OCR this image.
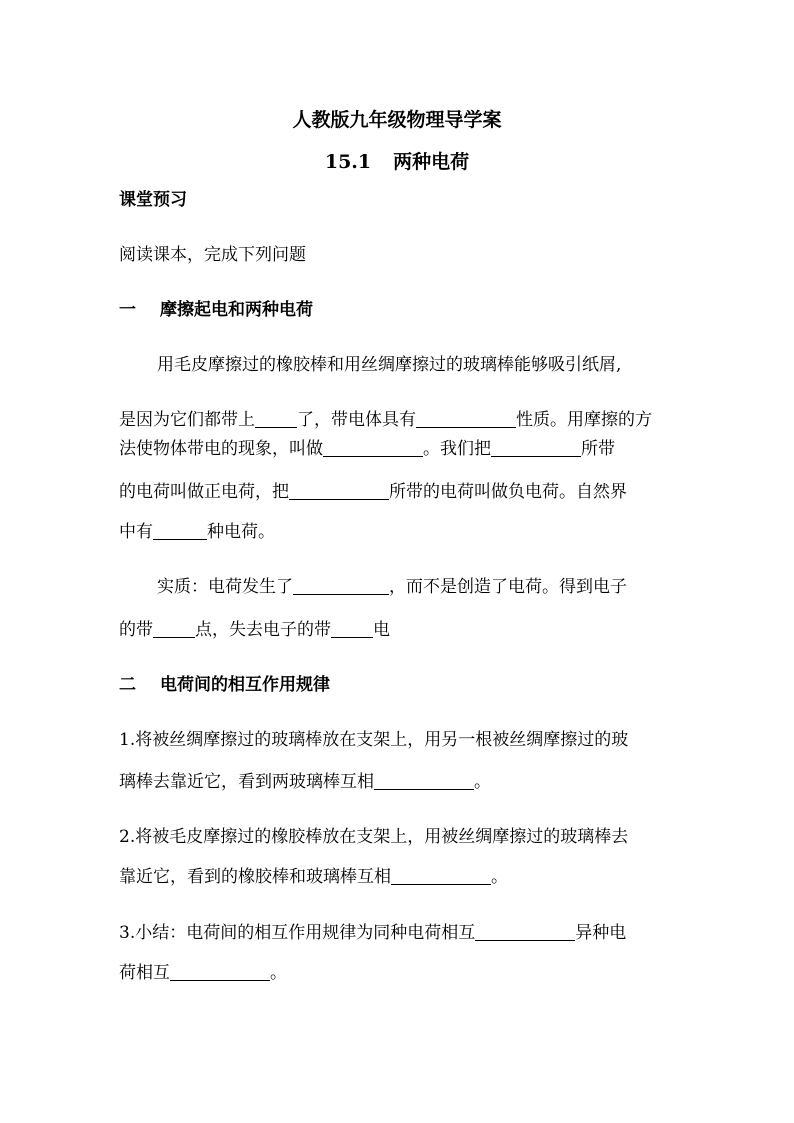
人教版九年级物理导学案
15.1 两种电荷
课堂预习
阅读课本，完成下列问题
一 摩擦起电和两种电荷
用毛皮摩擦过的橡胶棒和用丝绸摩擦过的玻璃棒能够吸引纸屑,
是因为它们都带上 了，带电体具有	性质。用摩擦的方
法使物体带电的现象，叫做	。我们把	所带
的电荷叫做正电荷，把	所带的电荷叫做负电荷。自然界
中有	种电荷。
实质：电荷发生了	，而不是创造了电荷。得到电子
的带 点，失去电子的带 电
二 电荷间的相互作用规律
1.将被丝绸摩擦过的玻璃棒放在支架上，用另一根被丝绸摩擦过的玻
璃棒去靠近它，看到两玻璃棒互相	。
2.将被毛皮摩擦过的橡胶棒放在支架上，用被丝绸摩擦过的玻璃棒去
靠近它，看到的橡胶棒和玻璃棒互相	。
3.小结：电荷间的相互作用规律为同种电荷相互	异种电
荷相互	。
